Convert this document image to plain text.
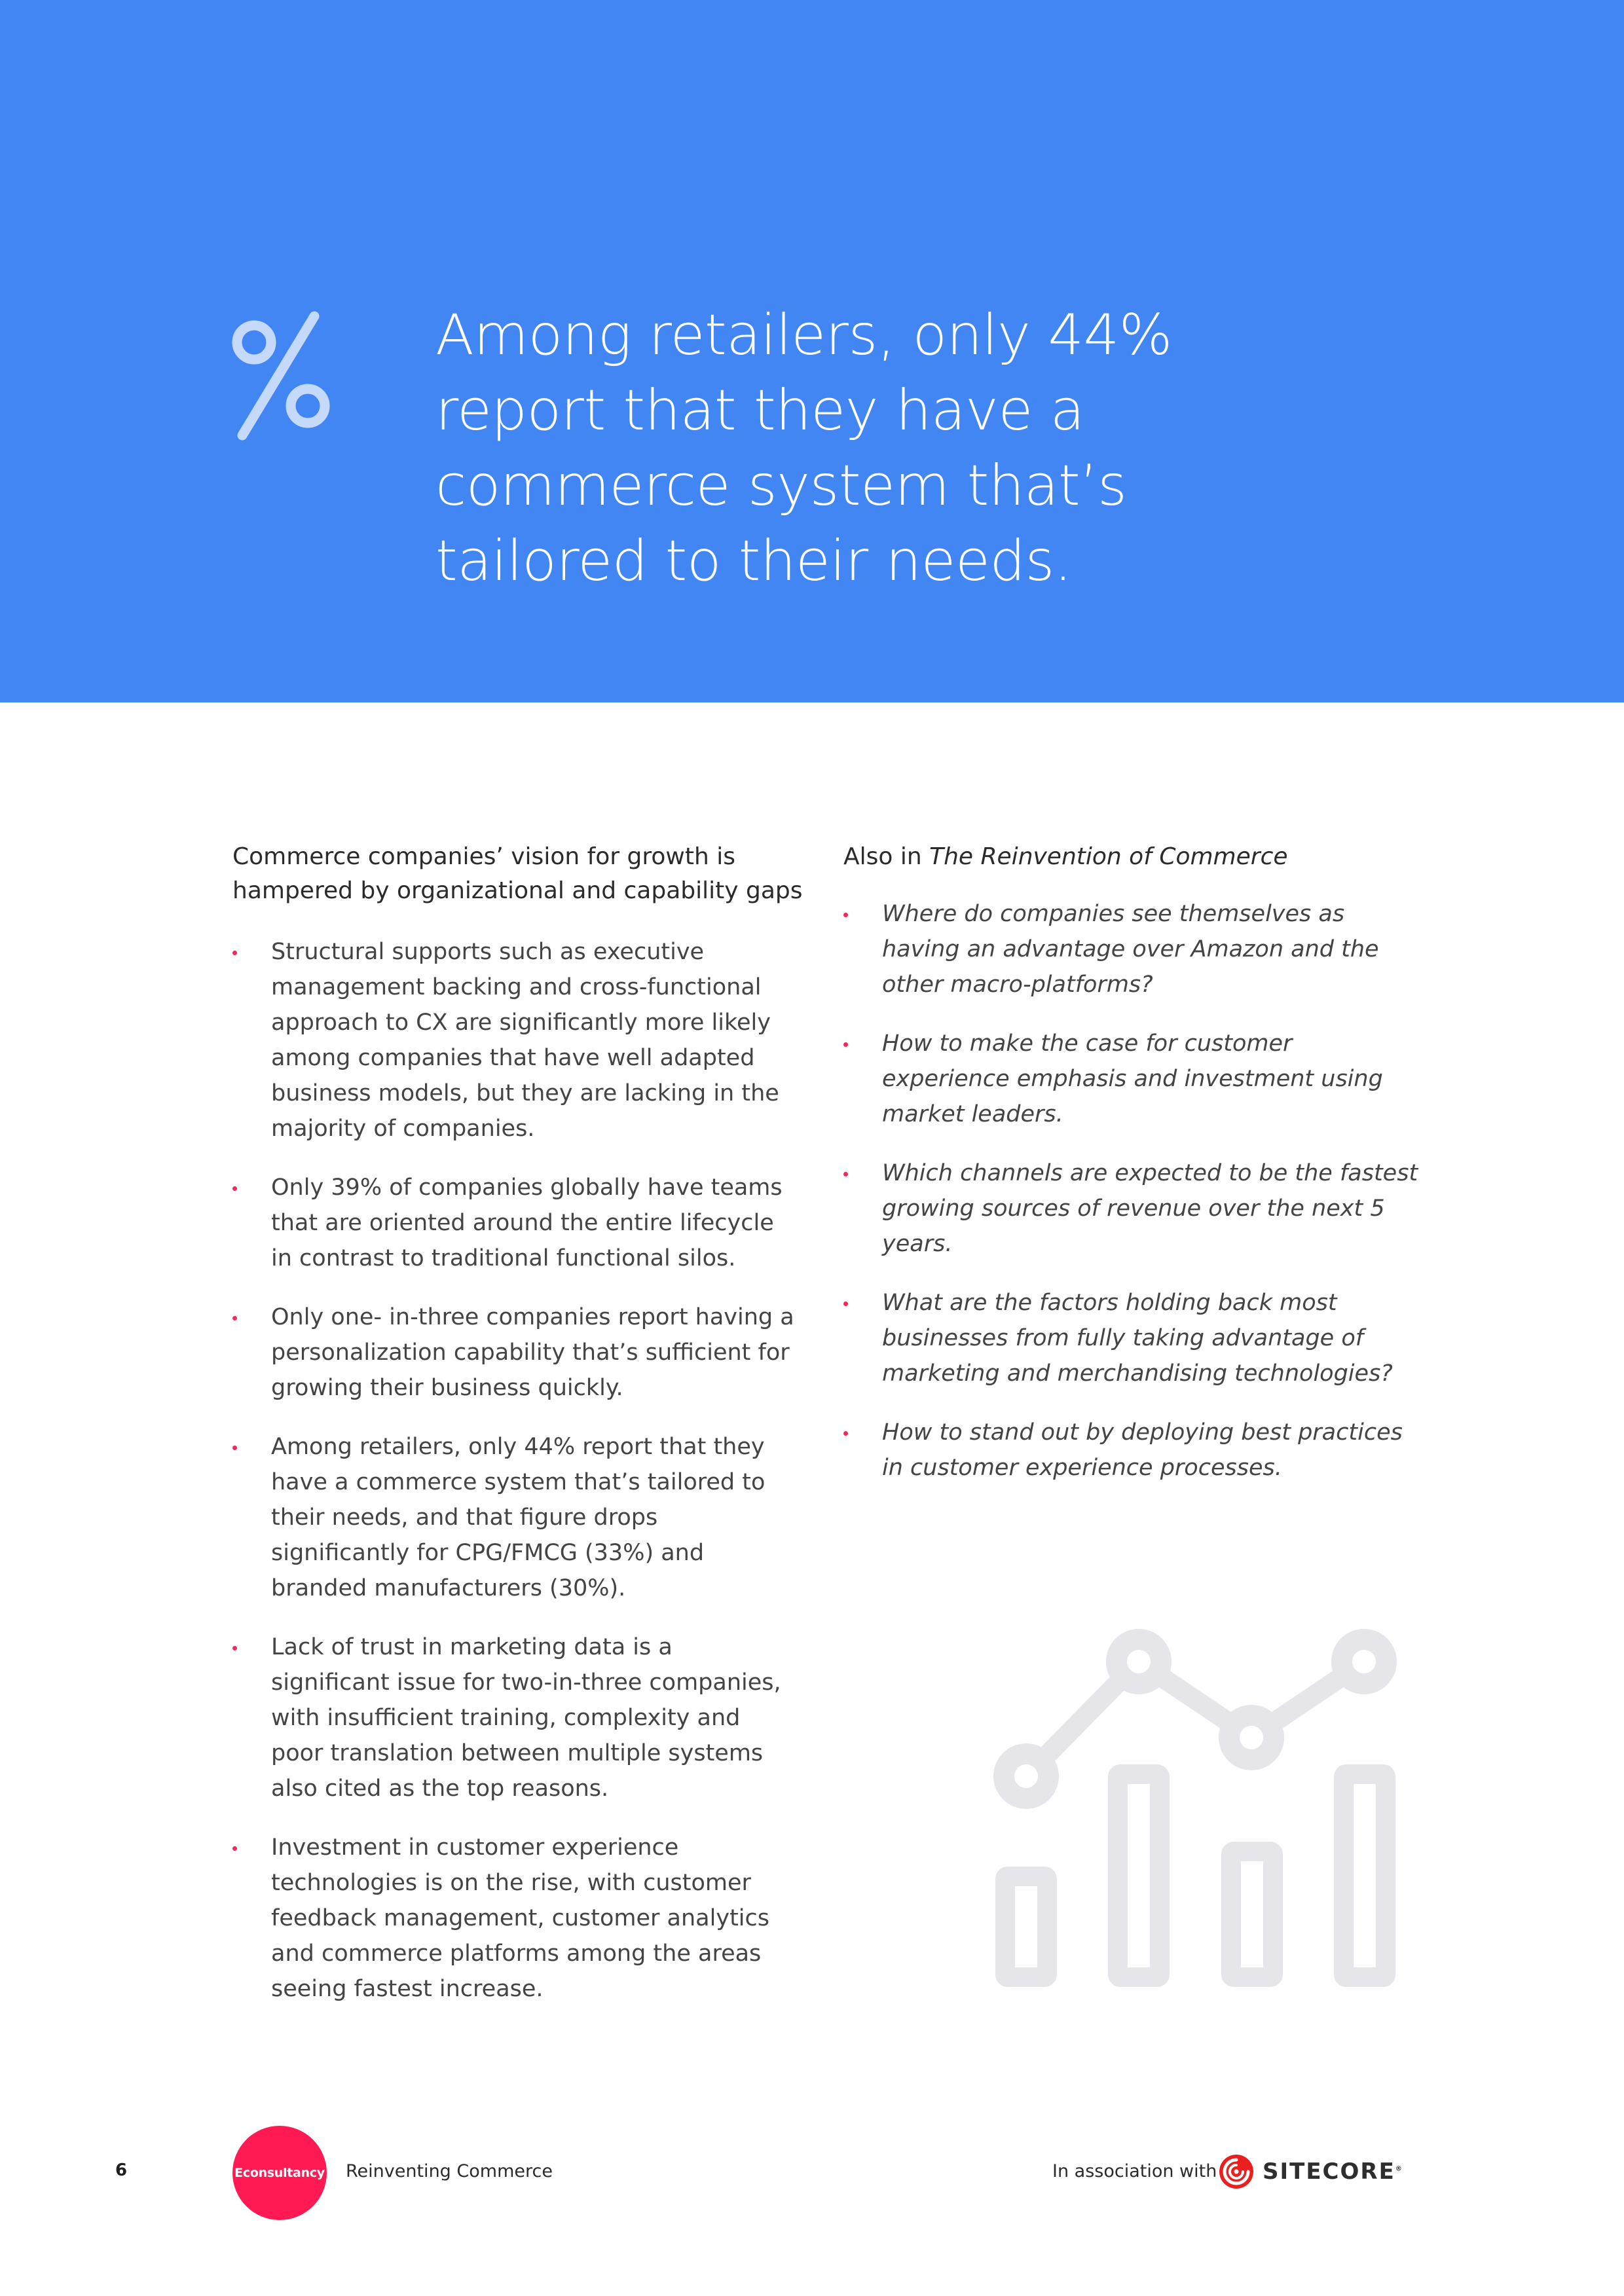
Among retailers, only 44%
report that they have a
commerce system that’s
tailored to their needs.

Commerce companies’ vision for growth is
hampered by organizational and capability gaps
Structural supports such as executive management backing and cross-functional approach to CX are significantly more likely among companies that have well adapted business models, but they are lacking in the majority of companies.
Only 39% of companies globally have teams that are oriented around the entire lifecycle in contrast to traditional functional silos.
Only one- in-three companies report having a personalization capability that’s sufficient for growing their business quickly.
Among retailers, only 44% report that they have a commerce system that’s tailored to their needs, and that figure drops significantly for CPG/FMCG (33%) and branded manufacturers (30%).
Lack of trust in marketing data is a significant issue for two-in-three companies, with insufficient training, complexity and poor translation between multiple systems also cited as the top reasons.
Investment in customer experience technologies is on the rise, with customer feedback management, customer analytics and commerce platforms among the areas seeing fastest increase.
Also in The Reinvention of Commerce
Where do companies see themselves as having an advantage over Amazon and the other macro-platforms?
How to make the case for customer experience emphasis and investment using market leaders.
Which channels are expected to be the fastest growing sources of revenue over the next 5 years.
What are the factors holding back most businesses from fully taking advantage of marketing and merchandising technologies?
How to stand out by deploying best practices in customer experience processes.
6	Econsultancy Reinventing Commerce	In association with SITECORE®
